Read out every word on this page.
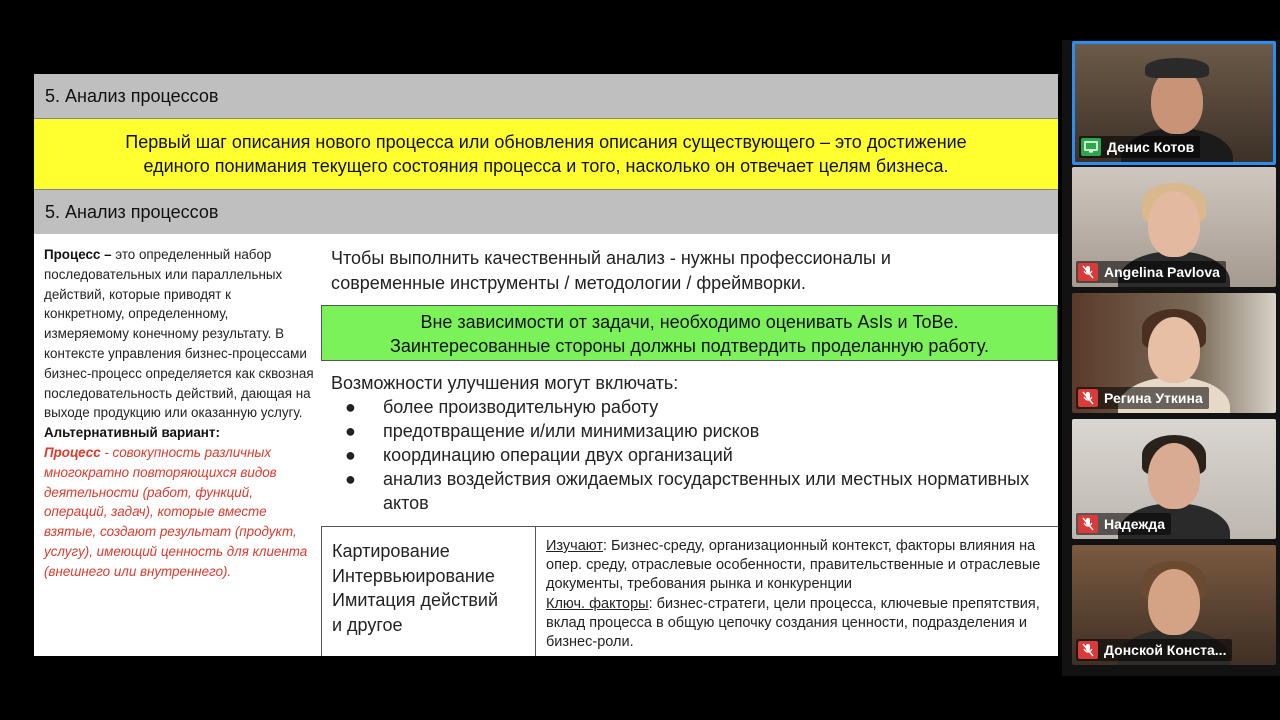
5. Анализ процессов
Первый шаг описания нового процесса или обновления описания существующего – это достижение
единого понимания текущего состояния процесса и того, насколько он отвечает целям бизнеса.
5. Анализ процессов
Процесс – это определенный набор последовательных или параллельных действий, которые приводят к конкретному, определенному, измеряемому конечному результату. В контексте управления бизнес-процессами бизнес-процесс определяется как сквозная последовательность действий, дающая на выходе продукцию или оказанную услугу.
Альтернативный вариант:
Процесс - совокупность различных многократно повторяющихся видов деятельности (работ, функций, операций, задач), которые вместе взятые, создают результат (продукт, услугу), имеющий ценность для клиента (внешнего или внутреннего).
Чтобы выполнить качественный анализ - нужны профессионалы и
современные инструменты / методологии / фреймворки.
Вне зависимости от задачи, необходимо оценивать AsIs и ToBe.
Заинтересованные стороны должны подтвердить проделанную работу.
Возможности улучшения могут включать:
● более производительную работу
● предотвращение и/или минимизацию рисков
● координацию операции двух организаций
● анализ воздействия ожидаемых государственных или местных нормативных актов
Картирование
Интервьюирование
Имитация действий
и другое
Изучают: Бизнес-среду, организационный контекст, факторы влияния на опер. среду, отраслевые особенности, правительственные и отраслевые документы, требования рынка и конкуренции
Ключ. факторы: бизнес-стратеги, цели процесса, ключевые препятствия, вклад процесса в общую цепочку создания ценности, подразделения и бизнес-роли.
Денис Котов
Angelina Pavlova
Регина Уткина
Надежда
Донской Конста...
